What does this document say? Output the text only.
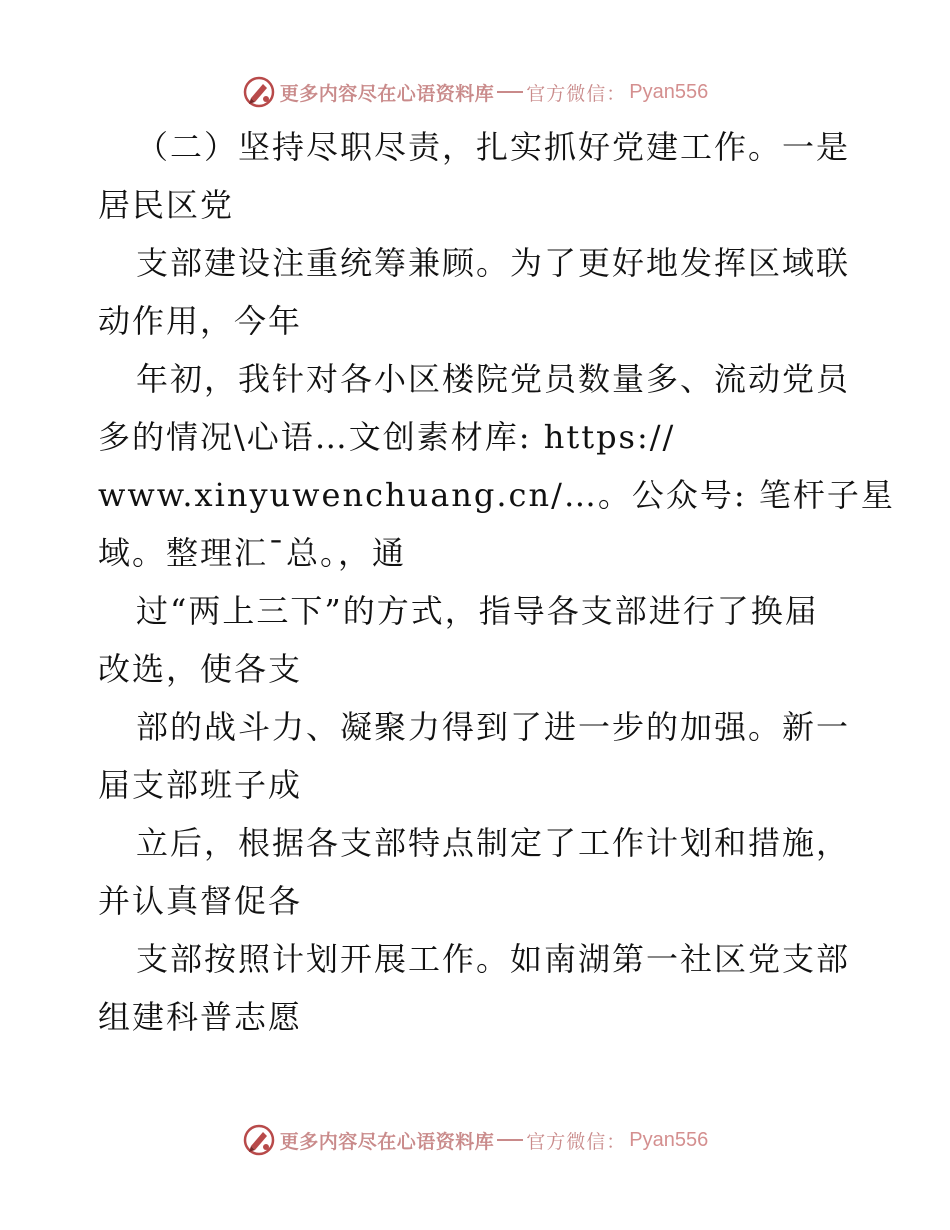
更多内容尽在心语资料库 官方微信 ： Pyan556
（二）坚持尽职尽责，扎实抓好党建工作。一是
居民区党
支部建设注重统筹兼顾。为了更好地发挥区域联
动作用，今年
年初，我针对各小区楼院党员数量多、流动党员
多的情况\心语…文创素材库: https://
www.xinyuwenchuang.cn/…。公众号: 笔杆子星
域。整理汇¯总。，通
过“两上三下”的方式，指导各支部进行了换届
改选，使各支
部的战斗力、凝聚力得到了进一步的加强。新一
届支部班子成
立后，根据各支部特点制定了工作计划和措施，
并认真督促各
支部按照计划开展工作。如南湖第一社区党支部
组建科普志愿
更多内容尽在心语资料库 官方微信 ： Pyan556
